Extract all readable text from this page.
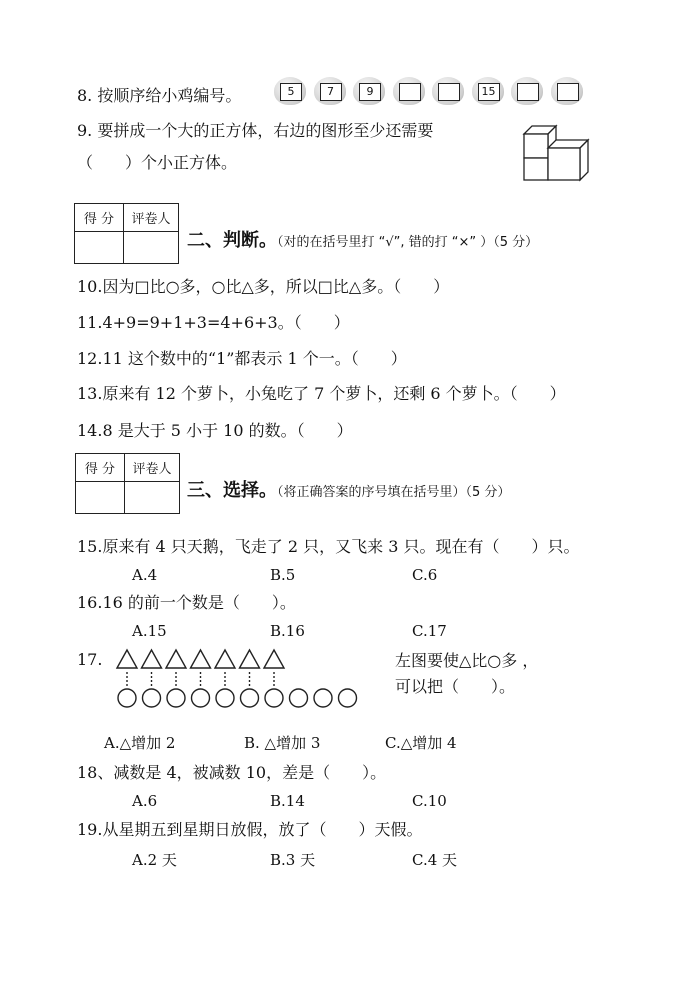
8. 按顺序给小鸡编号。	5	7	9	15
9. 要拼成一个大的正方体，右边的图形至少还需要
（　　）个小正方体。
得 分	评卷人

二、判断。（对的在括号里打 “√”, 错的打 “×” ）（5 分）
10.因为□比○多，○比△多，所以□比△多。（　　）
11.4+9=9+1+3=4+6+3。（　　）
12.11 这个数中的“1”都表示 1 个一。（　　）
13.原来有 12 个萝卜，小兔吃了 7 个萝卜，还剩 6 个萝卜。（　　）
14.8 是大于 5 小于 10 的数。（　　）
得 分	评卷人

三、选择。（将正确答案的序号填在括号里）（5 分）
15.原来有 4 只天鹅，飞走了 2 只，又飞来 3 只。现在有（　　）只。
A.4	B.5	C.6
16.16 的前一个数是（　　）。
A.15	B.16	C.17
17.	左图要使△比○多 ，
可以把（　　）。
A.△增加 2	B. △增加 3	C.△增加 4
18、减数是 4，被减数 10，差是（　　）。
A.6	B.14	C.10
19.从星期五到星期日放假，放了（　　）天假。
A.2 天	B.3 天	C.4 天
